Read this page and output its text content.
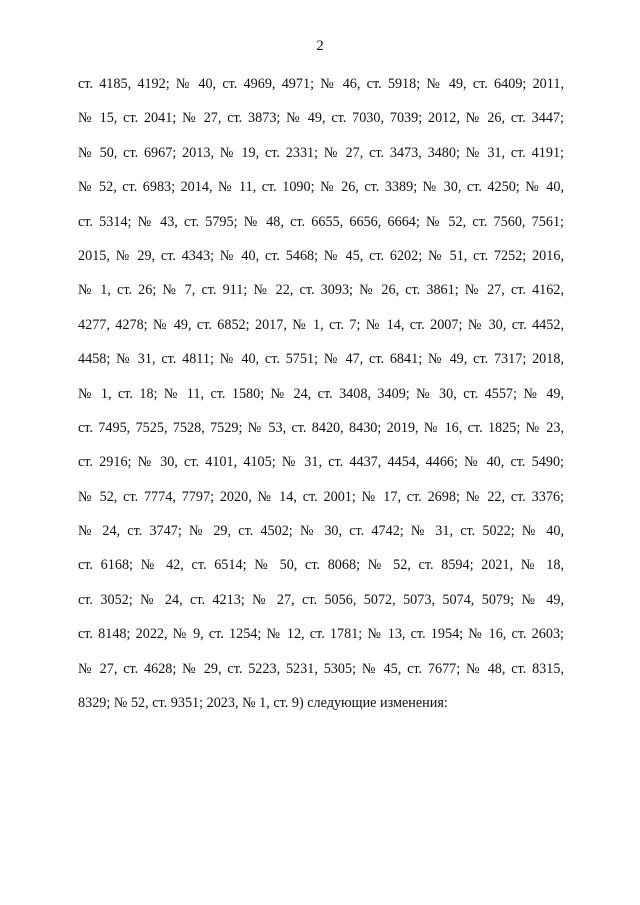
2
ст. 4185, 4192; № 40, ст. 4969, 4971; № 46, ст. 5918; № 49, ст. 6409; 2011,
№ 15, ст. 2041; № 27, ст. 3873; № 49, ст. 7030, 7039; 2012, № 26, ст. 3447;
№ 50, ст. 6967; 2013, № 19, ст. 2331; № 27, ст. 3473, 3480; № 31, ст. 4191;
№ 52, ст. 6983; 2014, № 11, ст. 1090; № 26, ст. 3389; № 30, ст. 4250; № 40,
ст. 5314; № 43, ст. 5795; № 48, ст. 6655, 6656, 6664; № 52, ст. 7560, 7561;
2015, № 29, ст. 4343; № 40, ст. 5468; № 45, ст. 6202; № 51, ст. 7252; 2016,
№ 1, ст. 26; № 7, ст. 911; № 22, ст. 3093; № 26, ст. 3861; № 27, ст. 4162,
4277, 4278; № 49, ст. 6852; 2017, № 1, ст. 7; № 14, ст. 2007; № 30, ст. 4452,
4458; № 31, ст. 4811; № 40, ст. 5751; № 47, ст. 6841; № 49, ст. 7317; 2018,
№ 1, ст. 18; № 11, ст. 1580; № 24, ст. 3408, 3409; № 30, ст. 4557; № 49,
ст. 7495, 7525, 7528, 7529; № 53, ст. 8420, 8430; 2019, № 16, ст. 1825; № 23,
ст. 2916; № 30, ст. 4101, 4105; № 31, ст. 4437, 4454, 4466; № 40, ст. 5490;
№ 52, ст. 7774, 7797; 2020, № 14, ст. 2001; № 17, ст. 2698; № 22, ст. 3376;
№ 24, ст. 3747; № 29, ст. 4502; № 30, ст. 4742; № 31, ст. 5022; № 40,
ст. 6168; № 42, ст. 6514; № 50, ст. 8068; № 52, ст. 8594; 2021, № 18,
ст. 3052; № 24, ст. 4213; № 27, ст. 5056, 5072, 5073, 5074, 5079; № 49,
ст. 8148; 2022, № 9, ст. 1254; № 12, ст. 1781; № 13, ст. 1954; № 16, ст. 2603;
№ 27, ст. 4628; № 29, ст. 5223, 5231, 5305; № 45, ст. 7677; № 48, ст. 8315,
8329; № 52, ст. 9351; 2023, № 1, ст. 9) следующие изменения:
